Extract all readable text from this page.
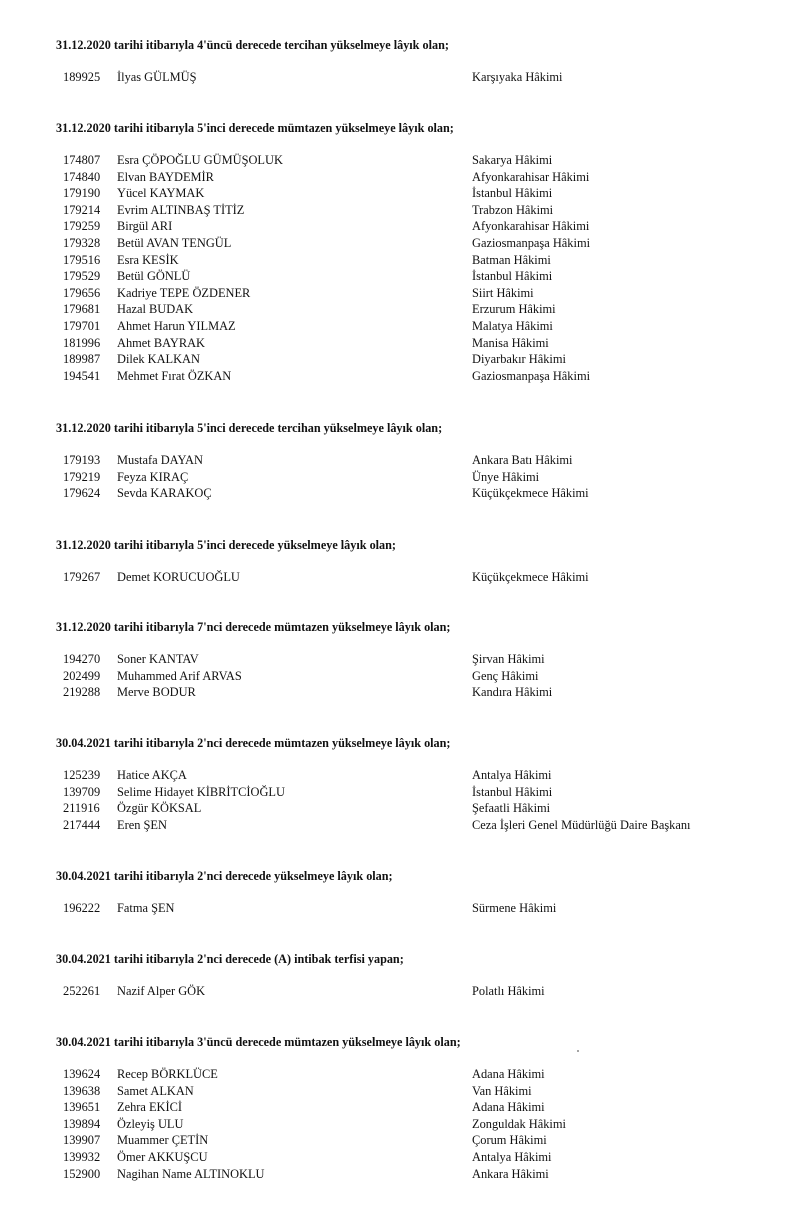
31.12.2020 tarihi itibarıyla 4'üncü derecede tercihan yükselmeye lâyık olan;
189925 İlyas GÜLMÜŞ	Karşıyaka Hâkimi
31.12.2020 tarihi itibarıyla 5'inci derecede mümtazen yükselmeye lâyık olan;
174807 Esra ÇÖPOĞLU GÜMÜŞOLUK	Sakarya Hâkimi
174840 Elvan BAYDEMİR	Afyonkarahisar Hâkimi
179190 Yücel KAYMAK	İstanbul Hâkimi
179214 Evrim ALTINBAŞ TİTİZ	Trabzon Hâkimi
179259 Birgül ARI	Afyonkarahisar Hâkimi
179328 Betül AVAN TENGÜL	Gaziosmanpaşa Hâkimi
179516 Esra KESİK	Batman Hâkimi
179529 Betül GÖNLÜ	İstanbul Hâkimi
179656 Kadriye TEPE ÖZDENER	Siirt Hâkimi
179681 Hazal BUDAK	Erzurum Hâkimi
179701 Ahmet Harun YILMAZ	Malatya Hâkimi
181996 Ahmet BAYRAK	Manisa Hâkimi
189987 Dilek KALKAN	Diyarbakır Hâkimi
194541 Mehmet Fırat ÖZKAN	Gaziosmanpaşa Hâkimi
31.12.2020 tarihi itibarıyla 5'inci derecede tercihan yükselmeye lâyık olan;
179193 Mustafa DAYAN	Ankara Batı Hâkimi
179219 Feyza KIRAÇ	Ünye Hâkimi
179624 Sevda KARAKOÇ	Küçükçekmece Hâkimi
31.12.2020 tarihi itibarıyla 5'inci derecede yükselmeye lâyık olan;
179267 Demet KORUCUOĞLU	Küçükçekmece Hâkimi
31.12.2020 tarihi itibarıyla 7'nci derecede mümtazen yükselmeye lâyık olan;
194270 Soner KANTAV	Şirvan Hâkimi
202499 Muhammed Arif ARVAS	Genç Hâkimi
219288 Merve BODUR	Kandıra Hâkimi
30.04.2021 tarihi itibarıyla 2'nci derecede mümtazen yükselmeye lâyık olan;
125239 Hatice AKÇA	Antalya Hâkimi
139709 Selime Hidayet KİBRİTCİOĞLU	İstanbul Hâkimi
211916 Özgür KÖKSAL	Şefaatli Hâkimi
217444 Eren ŞEN	Ceza İşleri Genel Müdürlüğü Daire Başkanı
30.04.2021 tarihi itibarıyla 2'nci derecede yükselmeye lâyık olan;
196222 Fatma ŞEN	Sürmene Hâkimi
30.04.2021 tarihi itibarıyla 2'nci derecede (A) intibak terfisi yapan;
252261 Nazif Alper GÖK	Polatlı Hâkimi
30.04.2021 tarihi itibarıyla 3'üncü derecede mümtazen yükselmeye lâyık olan;
139624 Recep BÖRKLÜCE	Adana Hâkimi
139638 Samet ALKAN	Van Hâkimi
139651 Zehra EKİCİ	Adana Hâkimi
139894 Özleyiş ULU	Zonguldak Hâkimi
139907 Muammer ÇETİN	Çorum Hâkimi
139932 Ömer AKKUŞCU	Antalya Hâkimi
152900 Nagihan Name ALTINOKLU	Ankara Hâkimi
